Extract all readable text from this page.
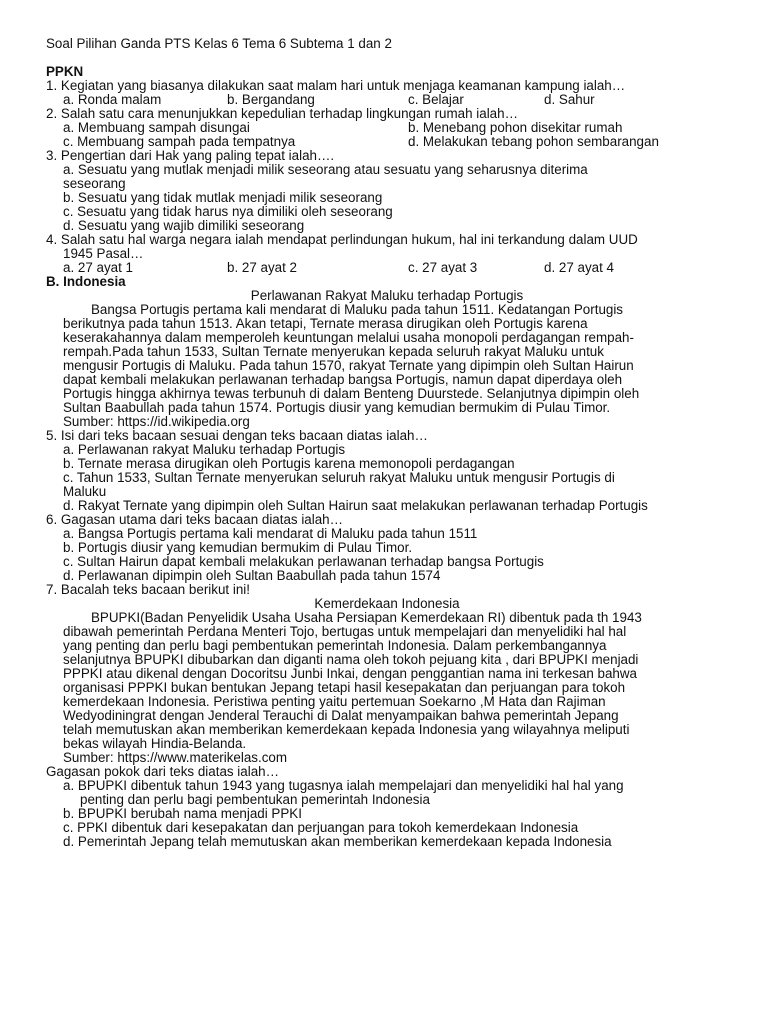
Soal Pilihan Ganda PTS Kelas 6 Tema 6 Subtema 1 dan 2
PPKN
1. Kegiatan yang biasanya dilakukan saat malam hari untuk menjaga keamanan kampung ialah…
a. Ronda malam	b. Bergandang	c. Belajar	d. Sahur
2. Salah satu cara menunjukkan kepedulian terhadap lingkungan rumah ialah…
a. Membuang sampah disungai	b. Menebang pohon disekitar rumah
c. Membuang sampah pada tempatnya	d. Melakukan tebang pohon sembarangan
3. Pengertian dari Hak yang paling tepat ialah….
a. Sesuatu yang mutlak menjadi milik seseorang atau sesuatu yang seharusnya diterima
seseorang
b. Sesuatu yang tidak mutlak menjadi milik seseorang
c. Sesuatu yang tidak harus nya dimiliki oleh seseorang
d. Sesuatu yang wajib dimiliki seseorang
4. Salah satu hal warga negara ialah mendapat perlindungan hukum, hal ini terkandung dalam UUD
1945 Pasal…
a. 27 ayat 1	b. 27 ayat 2	c. 27 ayat 3	d. 27 ayat 4
B. Indonesia
Perlawanan Rakyat Maluku terhadap Portugis
Bangsa Portugis pertama kali mendarat di Maluku pada tahun 1511. Kedatangan Portugis
berikutnya pada tahun 1513. Akan tetapi, Ternate merasa dirugikan oleh Portugis karena
keserakahannya dalam memperoleh keuntungan melalui usaha monopoli perdagangan rempah-
rempah.Pada tahun 1533, Sultan Ternate menyerukan kepada seluruh rakyat Maluku untuk
mengusir Portugis di Maluku. Pada tahun 1570, rakyat Ternate yang dipimpin oleh Sultan Hairun
dapat kembali melakukan perlawanan terhadap bangsa Portugis, namun dapat diperdaya oleh
Portugis hingga akhirnya tewas terbunuh di dalam Benteng Duurstede. Selanjutnya dipimpin oleh
Sultan Baabullah pada tahun 1574. Portugis diusir yang kemudian bermukim di Pulau Timor.
Sumber: https://id.wikipedia.org
5. Isi dari teks bacaan sesuai dengan teks bacaan diatas ialah…
a. Perlawanan rakyat Maluku terhadap Portugis
b. Ternate merasa dirugikan oleh Portugis karena memonopoli perdagangan
c. Tahun 1533, Sultan Ternate menyerukan seluruh rakyat Maluku untuk mengusir Portugis di
Maluku
d. Rakyat Ternate yang dipimpin oleh Sultan Hairun saat melakukan perlawanan terhadap Portugis
6. Gagasan utama dari teks bacaan diatas ialah…
a. Bangsa Portugis pertama kali mendarat di Maluku pada tahun 1511
b. Portugis diusir yang kemudian bermukim di Pulau Timor.
c. Sultan Hairun dapat kembali melakukan perlawanan terhadap bangsa Portugis
d. Perlawanan dipimpin oleh Sultan Baabullah pada tahun 1574
7. Bacalah teks bacaan berikut ini!
Kemerdekaan Indonesia
BPUPKI(Badan Penyelidik Usaha Usaha Persiapan Kemerdekaan RI) dibentuk pada th 1943
dibawah pemerintah Perdana Menteri Tojo, bertugas untuk mempelajari dan menyelidiki hal hal
yang penting dan perlu bagi pembentukan pemerintah Indonesia. Dalam perkembangannya
selanjutnya BPUPKI dibubarkan dan diganti nama oleh tokoh pejuang kita , dari BPUPKI menjadi
PPPKI atau dikenal dengan Docoritsu Junbi Inkai, dengan penggantian nama ini terkesan bahwa
organisasi PPPKI bukan bentukan Jepang tetapi hasil kesepakatan dan perjuangan para tokoh
kemerdekaan Indonesia. Peristiwa penting yaitu pertemuan Soekarno ,M Hata dan Rajiman
Wedyodiningrat dengan Jenderal Terauchi di Dalat menyampaikan bahwa pemerintah Jepang
telah memutuskan akan memberikan kemerdekaan kepada Indonesia yang wilayahnya meliputi
bekas wilayah Hindia-Belanda.
Sumber: https://www.materikelas.com
Gagasan pokok dari teks diatas ialah…
a. BPUPKI dibentuk tahun 1943 yang tugasnya ialah mempelajari dan menyelidiki hal hal yang
penting dan perlu bagi pembentukan pemerintah Indonesia
b. BPUPKI berubah nama menjadi PPKI
c. PPKI dibentuk dari kesepakatan dan perjuangan para tokoh kemerdekaan Indonesia
d. Pemerintah Jepang telah memutuskan akan memberikan kemerdekaan kepada Indonesia
